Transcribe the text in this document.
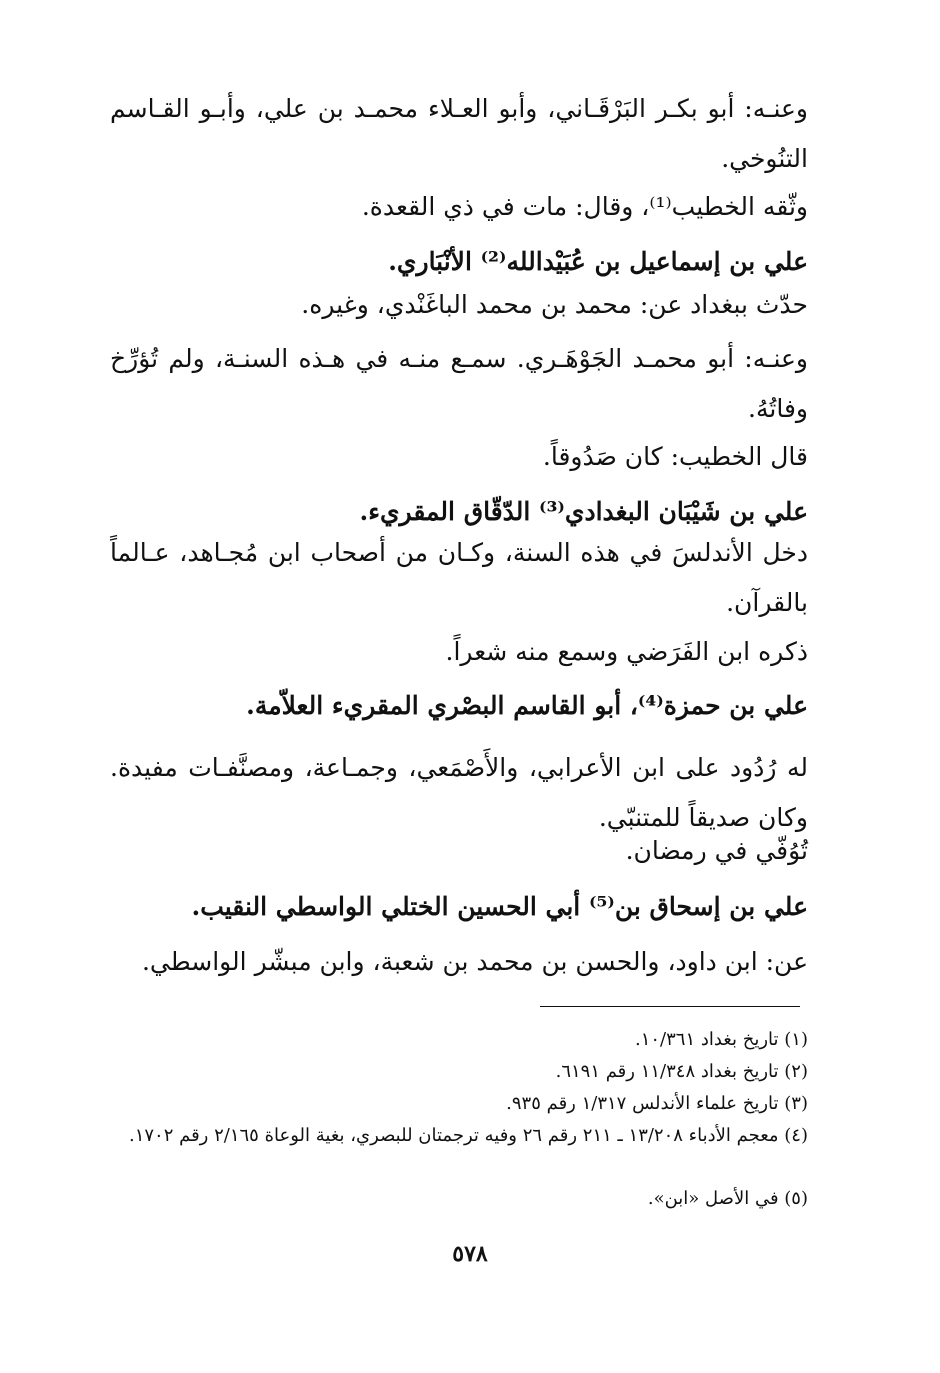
وعنـه: أبو بكـر البَرْقَـاني، وأبو العـلاء محمـد بن علي، وأبـو القـاسم التنُوخي.

وثّقه الخطيب⁽¹⁾، وقال: مات في ذي القعدة.

علي بن إسماعيل بن عُبَيْدالله⁽²⁾ الأنْبَاري.

حدّث ببغداد عن: محمد بن محمد الباغَنْدي، وغيره.

وعنـه: أبو محمـد الجَوْهَـري. سمـع منـه في هـذه السنـة، ولم تُؤرِّخ وفاتُهُ.

قال الخطيب: كان صَدُوقاً.

علي بن شَيْبَان البغدادي⁽³⁾ الدّقّاق المقريء.

دخل الأندلسَ في هذه السنة، وكـان من أصحاب ابن مُجـاهد، عـالماً بالقرآن.

ذكره ابن الفَرَضي وسمع منه شعراً.

علي بن حمزة⁽⁴⁾، أبو القاسم البصْري المقريء العلاّمة.

له رُدُود على ابن الأعرابي، والأَصْمَعي، وجمـاعة، ومصنَّفـات مفيدة. وكان صديقاً للمتنبّي.

تُوُفّي في رمضان.

علي بن إسحاق بن⁽⁵⁾ أبي الحسين الختلي الواسطي النقيب.

عن: ابن داود، والحسن بن محمد بن شعبة، وابن مبشّر الواسطي.

(١) تاريخ بغداد ١٠/٣٦١.

(٢) تاريخ بغداد ١١/٣٤٨ رقم ٦١٩١.

(٣) تاريخ علماء الأندلس ١/٣١٧ رقم ٩٣٥.

(٤) معجم الأدباء ١٣/٢٠٨ ـ ٢١١ رقم ٢٦ وفيه ترجمتان للبصري، بغية الوعاة ٢/١٦٥ رقم ١٧٠٢.

(٥) في الأصل «ابن».

٥٧٨
